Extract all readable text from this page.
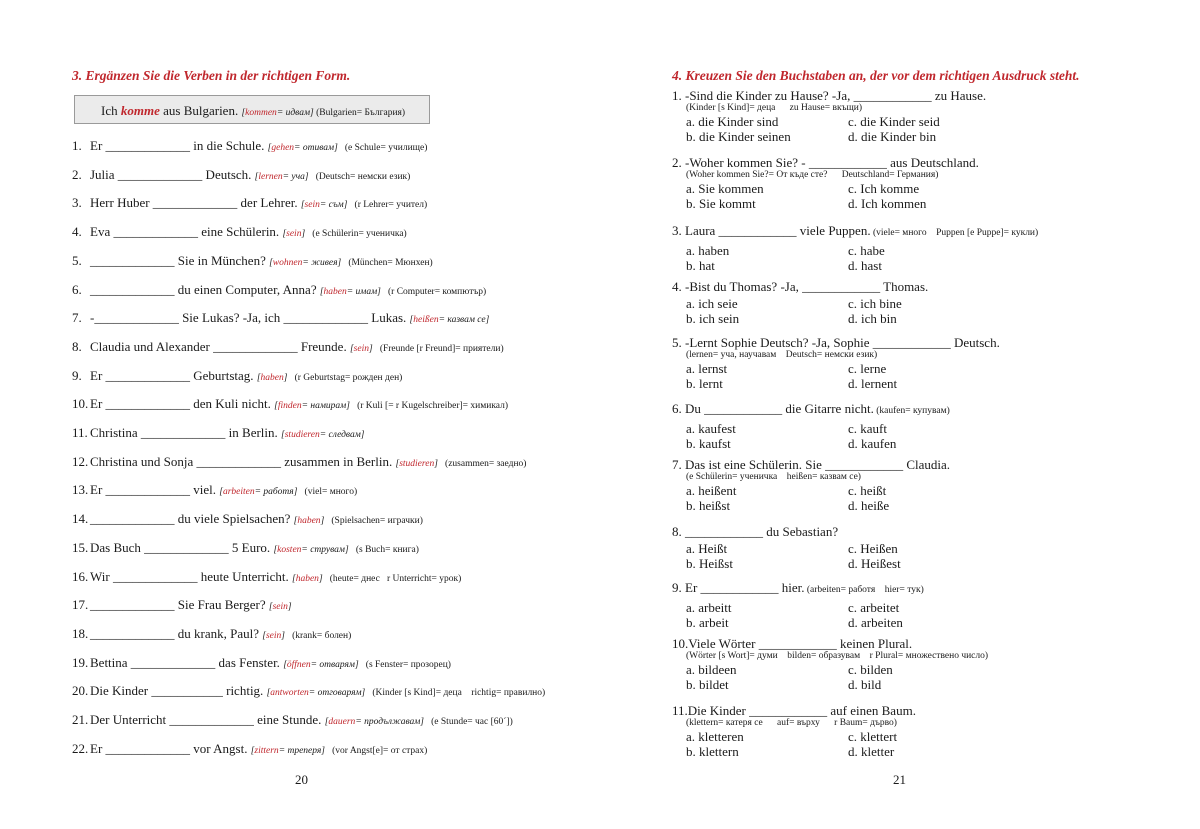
3. Ergänzen Sie die Verben in der richtigen Form.
Ich komme aus Bulgarien. [kommen= идвам] (Bulgarien= България)
1. Er _____________ in die Schule. [gehen= отивам]   (e Schule= училище)
2. Julia _____________ Deutsch. [lernen= уча]   (Deutsch= немски език)
3. Herr Huber _____________ der Lehrer. [sein= съм]   (r Lehrer= учител)
4. Eva _____________ eine Schülerin. [sein]   (e Schülerin= ученичка)
5. _____________ Sie in München? [wohnen= живея]   (München= Мюнхен)
6. _____________ du einen Computer, Anna? [haben= имам]   (r Computer= компютър)
7. -_____________ Sie Lukas? -Ja, ich _____________ Lukas. [heißen= казвам се]
8. Claudia und Alexander _____________ Freunde. [sein]   (Freunde [r Freund]= приятели)
9. Er _____________ Geburtstag. [haben]   (r Geburtstag= рожден ден)
10. Er _____________ den Kuli nicht. [finden= намирам]   (r Kuli [= r Kugelschreiber]= химикал)
11. Christina _____________ in Berlin. [studieren= следвам]
12. Christina und Sonja _____________ zusammen in Berlin. [studieren]   (zusammen= заедно)
13. Er _____________ viel. [arbeiten= работя]   (viel= много)
14. _____________ du viele Spielsachen? [haben]   (Spielsachen= играчки)
15. Das Buch _____________ 5 Euro. [kosten= струвам]   (s Buch= книга)
16. Wir _____________ heute Unterricht. [haben]   (heute= днес   r Unterricht= урок)
17. _____________ Sie Frau Berger? [sein]
18. _____________ du krank, Paul? [sein]   (krank= болен)
19. Bettina _____________ das Fenster. [öffnen= отварям]   (s Fenster= прозорец)
20. Die Kinder ___________ richtig. [antworten= отговарям]   (Kinder [s Kind]= деца    richtig= правилно)
21. Der Unterricht _____________ eine Stunde. [dauern= продължавам]   (e Stunde= час [60´])
22. Er _____________ vor Angst. [zittern= треперя]   (vor Angst[e]= от страх)
20
4. Kreuzen Sie den Buchstaben an, der vor dem richtigen Ausdruck steht.
1. -Sind die Kinder zu Hause? -Ja, ____________ zu Hause.
(Kinder [s Kind]= деца      zu Hause= вкъщи)
a. die Kinder sind	c. die Kinder seid
b. die Kinder seinen	d. die Kinder bin
2. -Woher kommen Sie? - ____________ aus Deutschland.
(Woher kommen Sie?= От къде сте?      Deutschland= Германия)
a. Sie kommen	c. Ich komme
b. Sie kommt	d. Ich kommen
3. Laura ____________ viele Puppen. (viele= много    Puppen [e Puppe]= кукли)
a. haben	c. habe
b. hat	d. hast
4. -Bist du Thomas? -Ja, ____________ Thomas.
a. ich seie	c. ich bine
b. ich sein	d. ich bin
5. -Lernt Sophie Deutsch? -Ja, Sophie ____________ Deutsch.
(lernen= уча, научавам    Deutsch= немски език)
a. lernst	c. lerne
b. lernt	d. lernent
6. Du ____________ die Gitarre nicht. (kaufen= купувам)
a. kaufest	c. kauft
b. kaufst	d. kaufen
7. Das ist eine Schülerin. Sie ____________ Claudia.
(e Schülerin= ученичка    heißen= казвам се)
a. heißent	c. heißt
b. heißst	d. heiße
8. ____________ du Sebastian?
a. Heißt	c. Heißen
b. Heißst	d. Heißest
9. Er ____________ hier. (arbeiten= работя    hier= тук)
a. arbeitt	c. arbeitet
b. arbeit	d. arbeiten
10.Viele Wörter ____________ keinen Plural.
(Wörter [s Wort]= думи    bilden= образувам    r Plural= множествено число)
a. bildeen	c. bilden
b. bildet	d. bild
11.Die Kinder ____________ auf einen Baum.
(klettern= катеря се      auf= върху      r Baum= дърво)
a. kletteren	c. klettert
b. klettern	d. kletter
21
